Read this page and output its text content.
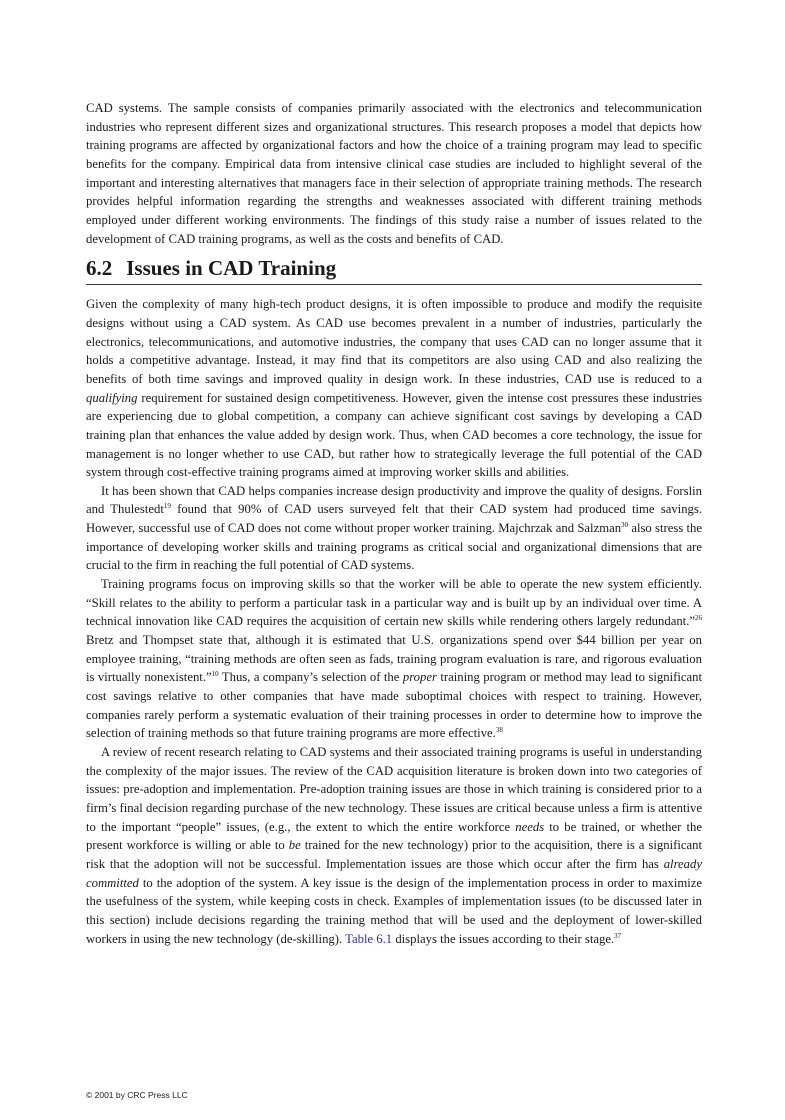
CAD systems. The sample consists of companies primarily associated with the electronics and telecommunication industries who represent different sizes and organizational structures. This research proposes a model that depicts how training programs are affected by organizational factors and how the choice of a training program may lead to specific benefits for the company. Empirical data from intensive clinical case studies are included to highlight several of the important and interesting alternatives that managers face in their selection of appropriate training methods. The research provides helpful information regarding the strengths and weaknesses associated with different training methods employed under different working environments. The findings of this study raise a number of issues related to the development of CAD training programs, as well as the costs and benefits of CAD.

6.2 Issues in CAD Training

Given the complexity of many high-tech product designs, it is often impossible to produce and modify the requisite designs without using a CAD system. As CAD use becomes prevalent in a number of industries, particularly the electronics, telecommunications, and automotive industries, the company that uses CAD can no longer assume that it holds a competitive advantage. Instead, it may find that its competitors are also using CAD and also realizing the benefits of both time savings and improved quality in design work. In these industries, CAD use is reduced to a qualifying requirement for sustained design competitiveness. However, given the intense cost pressures these industries are experiencing due to global competition, a company can achieve significant cost savings by developing a CAD training plan that enhances the value added by design work. Thus, when CAD becomes a core technology, the issue for management is no longer whether to use CAD, but rather how to strategically leverage the full potential of the CAD system through cost-effective training programs aimed at improving worker skills and abilities.

It has been shown that CAD helps companies increase design productivity and improve the quality of designs. Forslin and Thulestedt$^{19}$ found that 90% of CAD users surveyed felt that their CAD system had produced time savings. However, successful use of CAD does not come without proper worker training. Majchrzak and Salzman$^{30}$ also stress the importance of developing worker skills and training programs as critical social and organizational dimensions that are crucial to the firm in reaching the full potential of CAD systems.

Training programs focus on improving skills so that the worker will be able to operate the new system efficiently. “Skill relates to the ability to perform a particular task in a particular way and is built up by an individual over time. A technical innovation like CAD requires the acquisition of certain new skills while rendering others largely redundant.”$^{26}$ Bretz and Thompset state that, although it is estimated that U.S. organizations spend over $44 billion per year on employee training, “training methods are often seen as fads, training program evaluation is rare, and rigorous evaluation is virtually nonexistent.”$^{10}$ Thus, a company’s selection of the proper training program or method may lead to significant cost savings relative to other companies that have made suboptimal choices with respect to training. However, companies rarely perform a systematic evaluation of their training processes in order to determine how to improve the selection of training methods so that future training programs are more effective.$^{38}$

A review of recent research relating to CAD systems and their associated training programs is useful in understanding the complexity of the major issues. The review of the CAD acquisition literature is broken down into two categories of issues: pre-adoption and implementation. Pre-adoption training issues are those in which training is considered prior to a firm’s final decision regarding purchase of the new technology. These issues are critical because unless a firm is attentive to the important “people” issues, (e.g., the extent to which the entire workforce needs to be trained, or whether the present workforce is willing or able to be trained for the new technology) prior to the acquisition, there is a significant risk that the adoption will not be successful. Implementation issues are those which occur after the firm has already committed to the adoption of the system. A key issue is the design of the implementation process in order to maximize the usefulness of the system, while keeping costs in check. Examples of implementation issues (to be discussed later in this section) include decisions regarding the training method that will be used and the deployment of lower-skilled workers in using the new technology (de-skilling). Table 6.1 displays the issues according to their stage.$^{37}$

© 2001 by CRC Press LLC
